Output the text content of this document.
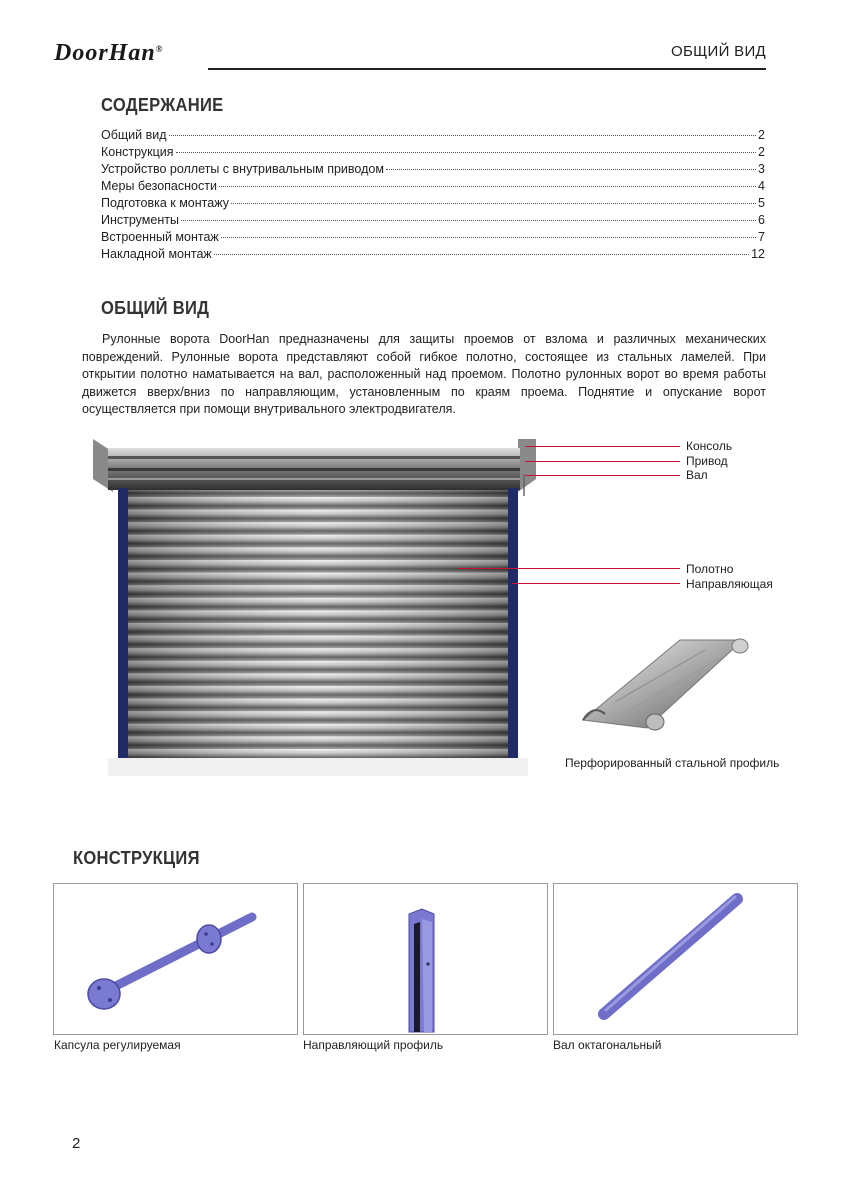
DoorHan®	ОБЩИЙ ВИД
СОДЕРЖАНИЕ
Общий вид	2
Конструкция	2
Устройство роллеты с внутривальным приводом	3
Меры безопасности	4
Подготовка к монтажу	5
Инструменты	6
Встроенный монтаж	7
Накладной монтаж	12
ОБЩИЙ ВИД
Рулонные ворота DoorHan предназначены для защиты проемов от взлома и различных механических повреждений. Рулонные ворота представляют собой гибкое полотно, состоящее из стальных ламелей. При открытии полотно наматывается на вал, расположенный над проемом. Полотно рулонных ворот во время работы движется вверх/вниз по направляющим, установленным по краям проема. Поднятие и опускание ворот осуществляется при помощи внутривального электродвигателя.
Консоль
Привод
Вал
Полотно
Направляющая
Перфорированный стальной профиль
КОНСТРУКЦИЯ
Капсула регулируемая	Направляющий профиль	Вал октагональный
2
